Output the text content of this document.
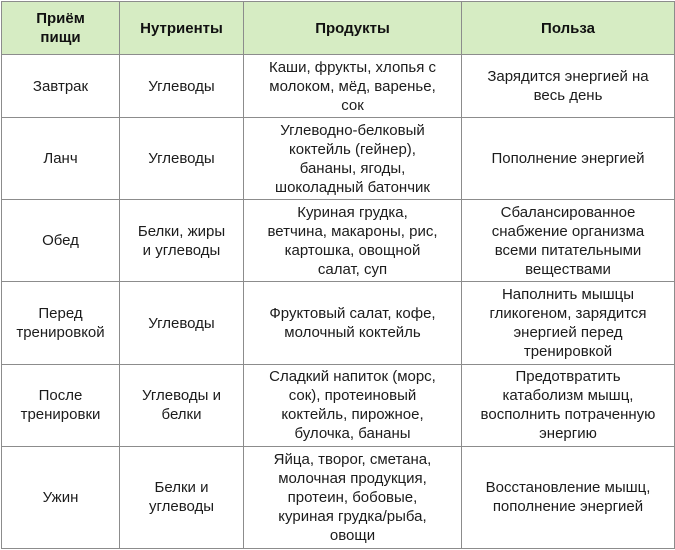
Приём
пищи	Нутриенты	Продукты	Польза
Завтрак	Углеводы	Каши, фрукты, хлопья с
молоком, мёд, варенье,
сок	Зарядится энергией на
весь день
Ланч	Углеводы	Углеводно-белковый
коктейль (гейнер),
бананы, ягоды,
шоколадный батончик	Пополнение энергией
Обед	Белки, жиры
и углеводы	Куриная грудка,
ветчина, макароны, рис,
картошка, овощной
салат, суп	Сбалансированное
снабжение организма
всеми питательными
веществами
Перед
тренировкой	Углеводы	Фруктовый салат, кофе,
молочный коктейль	Наполнить мышцы
гликогеном, зарядится
энергией перед
тренировкой
После
тренировки	Углеводы и
белки	Сладкий напиток (морс,
сок), протеиновый
коктейль, пирожное,
булочка, бананы	Предотвратить
катаболизм мышц,
восполнить потраченную
энергию
Ужин	Белки и
углеводы	Яйца, творог, сметана,
молочная продукция,
протеин, бобовые,
куриная грудка/рыба,
овощи	Восстановление мышц,
пополнение энергией
